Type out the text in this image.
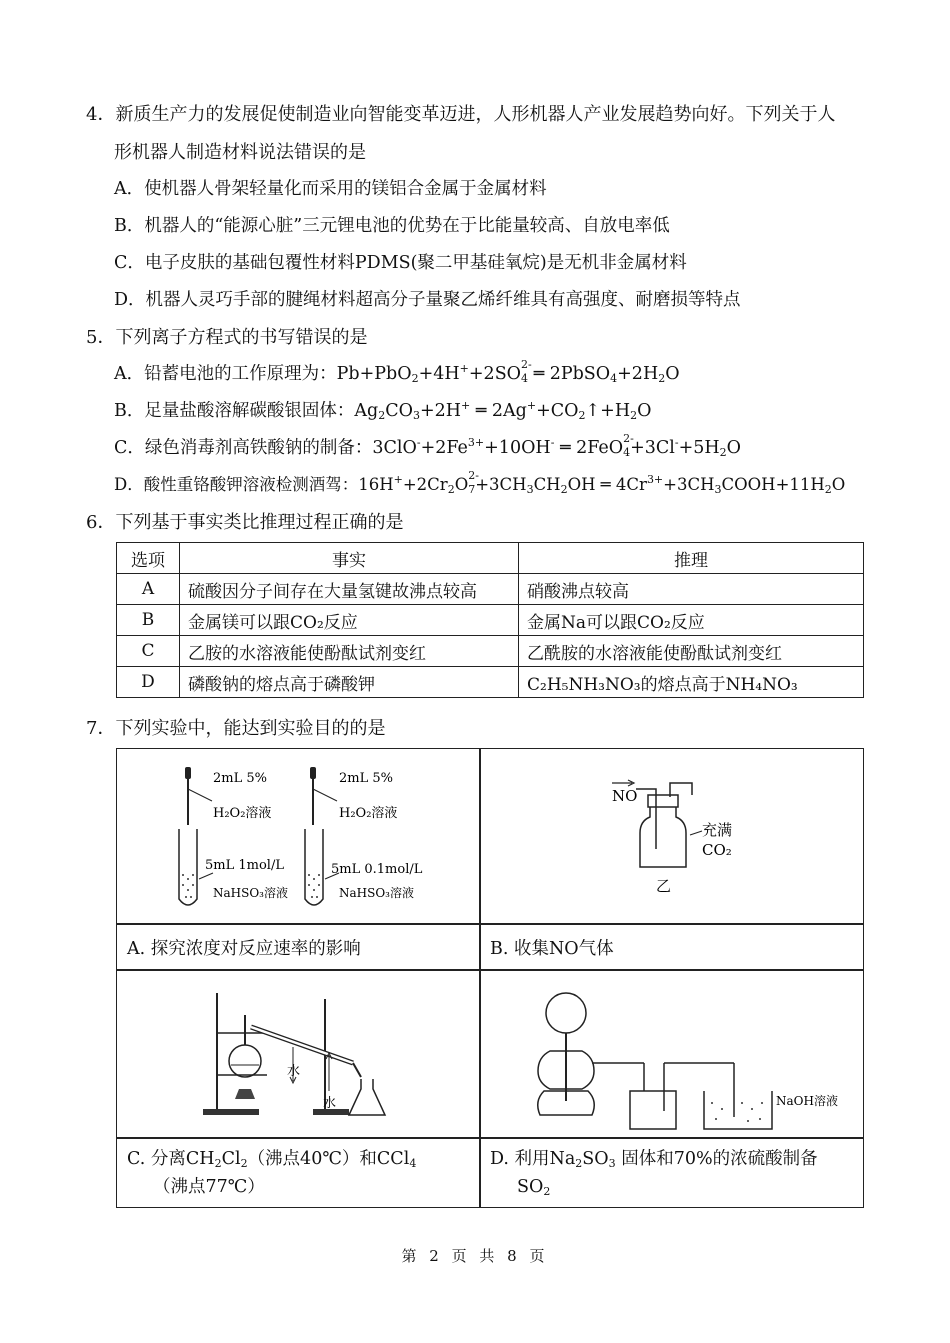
4．新质生产力的发展促使制造业向智能变革迈进，人形机器人产业发展趋势向好。下列关于人
形机器人制造材料说法错误的是
A．使机器人骨架轻量化而采用的镁铝合金属于金属材料
B．机器人的“能源心脏”三元锂电池的优势在于比能量较高、自放电率低
C．电子皮肤的基础包覆性材料PDMS(聚二甲基硅氧烷)是无机非金属材料
D．机器人灵巧手部的腱绳材料超高分子量聚乙烯纤维具有高强度、耐磨损等特点
5．下列离子方程式的书写错误的是
A．铅蓄电池的工作原理为：Pb+PbO$_2$+4H++2SO $_{2- 4}$ ═ $2PbSO_4+2H_2O$
B．足量盐酸溶解碳酸银固体：$Ag_2CO_3+2H^+$ ═ $2Ag^++CO_2↑+H_2O$
C．绿色消毒剂高铁酸钠的制备：$3ClO^-+2Fe^{3+}+10OH^-$ ═ 2FeO $_{2- 4}+3Cl^-+5H_2O$
D．酸性重铬酸钾溶液检测酒驾：$16H^++2Cr_2O$ $_{2- 7}+3CH_3CH_2OH$ ═ $4Cr^{3+}+3CH_3COOH+11H_2O$
6．下列基于事实类比推理过程正确的是
选项	事实	推理
A	硫酸因分子间存在大量氢键故沸点较高	硝酸沸点较高
B	金属镁可以跟CO₂反应	金属Na可以跟CO₂反应
C	乙胺的水溶液能使酚酞试剂变红	乙酰胺的水溶液能使酚酞试剂变红
D	磷酸钠的熔点高于磷酸钾	C₂H₅NH₃NO₃的熔点高于NH₄NO₃
7．下列实验中，能达到实验目的的是
2mL 5%
H₂O₂溶液
2mL 5%
H₂O₂溶液
5mL 1mol/L
NaHSO₃溶液
5mL 0.1mol/L
NaHSO₃溶液
NO
充满
CO₂
乙
A. 探究浓度对反应速率的影响	B. 收集NO气体
水
水	NaOH溶液
C. 分离$CH_2Cl_2$（沸点40℃）和CCl$_4$
（沸点77℃）
D. 利用$Na_2SO_3$ 固体和70%的浓硫酸制备
$SO_2$
第 2 页 共 8 页
